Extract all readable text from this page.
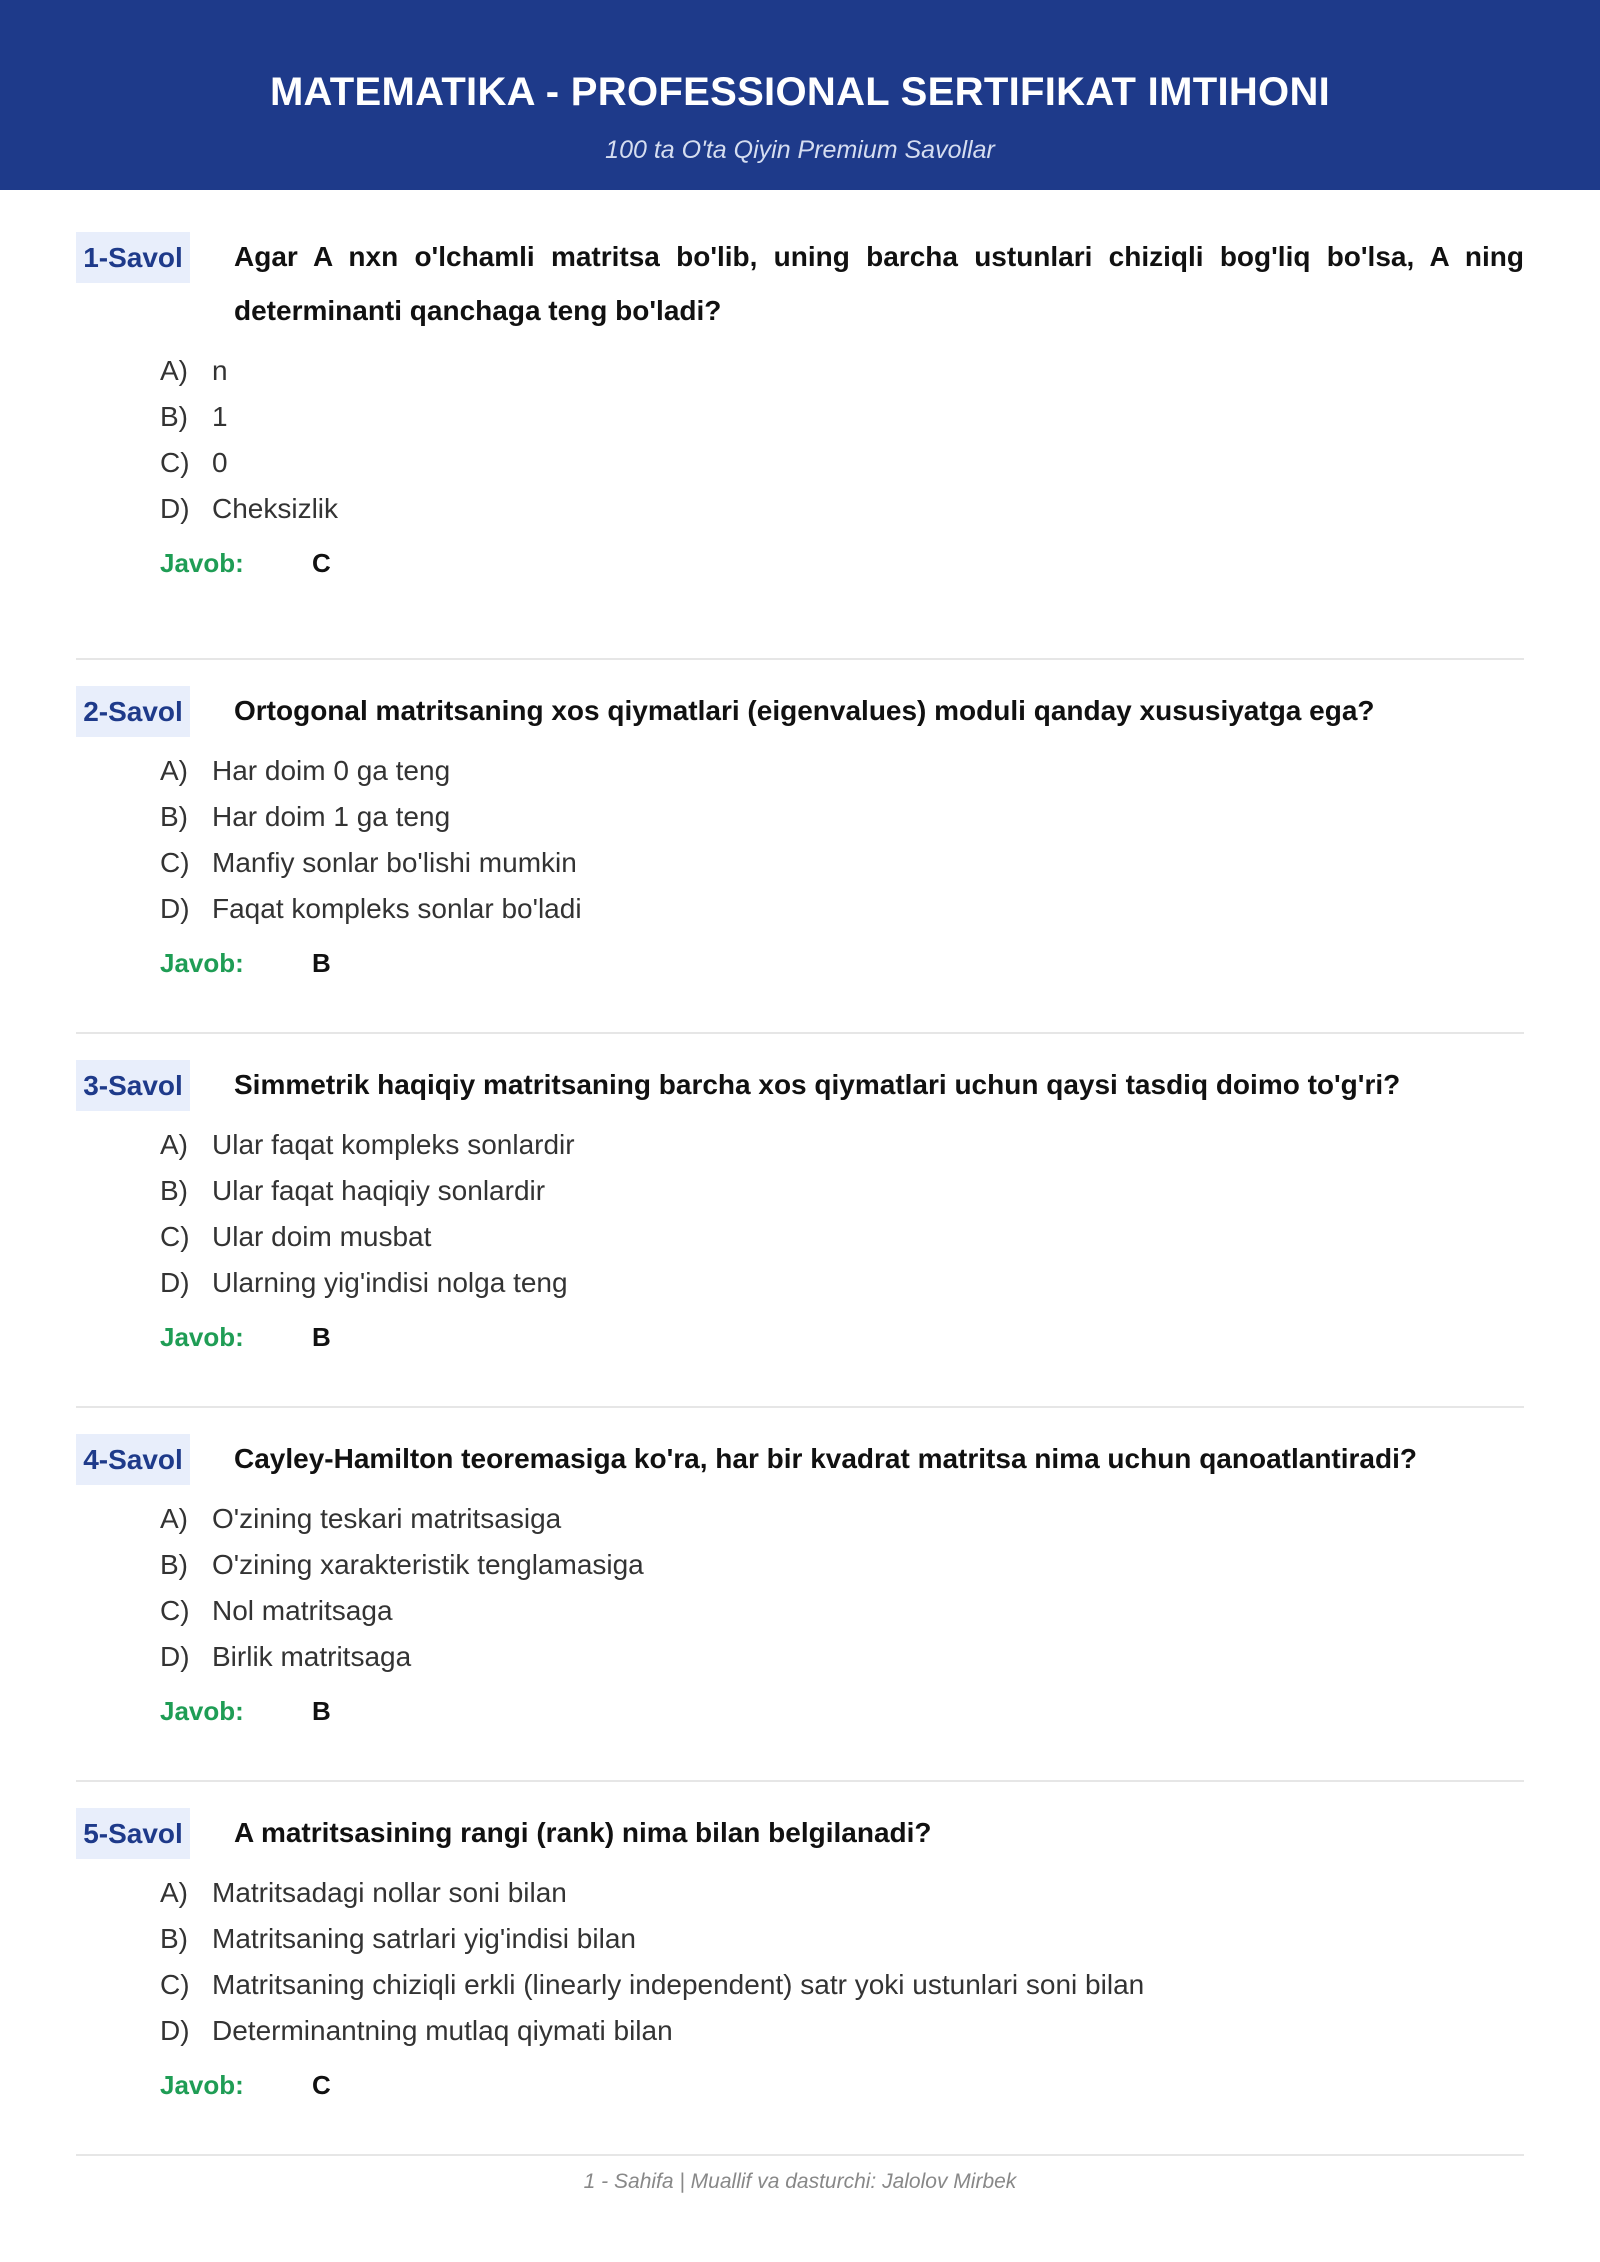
MATEMATIKA - PROFESSIONAL SERTIFIKAT IMTIHONI
100 ta O'ta Qiyin Premium Savollar
1-Savol Agar A nxn o'lchamli matritsa bo'lib, uning barcha ustunlari chiziqli bog'liq bo'lsa, A ning determinanti qanchaga teng bo'ladi?
A) n
B) 1
C) 0
D) Cheksizlik
Javob:	C
2-Savol Ortogonal matritsaning xos qiymatlari (eigenvalues) moduli qanday xususiyatga ega?
A) Har doim 0 ga teng
B) Har doim 1 ga teng
C) Manfiy sonlar bo'lishi mumkin
D) Faqat kompleks sonlar bo'ladi
Javob:	B
3-Savol Simmetrik haqiqiy matritsaning barcha xos qiymatlari uchun qaysi tasdiq doimo to'g'ri?
A) Ular faqat kompleks sonlardir
B) Ular faqat haqiqiy sonlardir
C) Ular doim musbat
D) Ularning yig'indisi nolga teng
Javob:	B
4-Savol Cayley-Hamilton teoremasiga ko'ra, har bir kvadrat matritsa nima uchun qanoatlantiradi?
A) O'zining teskari matritsasiga
B) O'zining xarakteristik tenglamasiga
C) Nol matritsaga
D) Birlik matritsaga
Javob:	B
5-Savol A matritsasining rangi (rank) nima bilan belgilanadi?
A) Matritsadagi nollar soni bilan
B) Matritsaning satrlari yig'indisi bilan
C) Matritsaning chiziqli erkli (linearly independent) satr yoki ustunlari soni bilan
D) Determinantning mutlaq qiymati bilan
Javob:	C
1 - Sahifa | Muallif va dasturchi: Jalolov Mirbek
